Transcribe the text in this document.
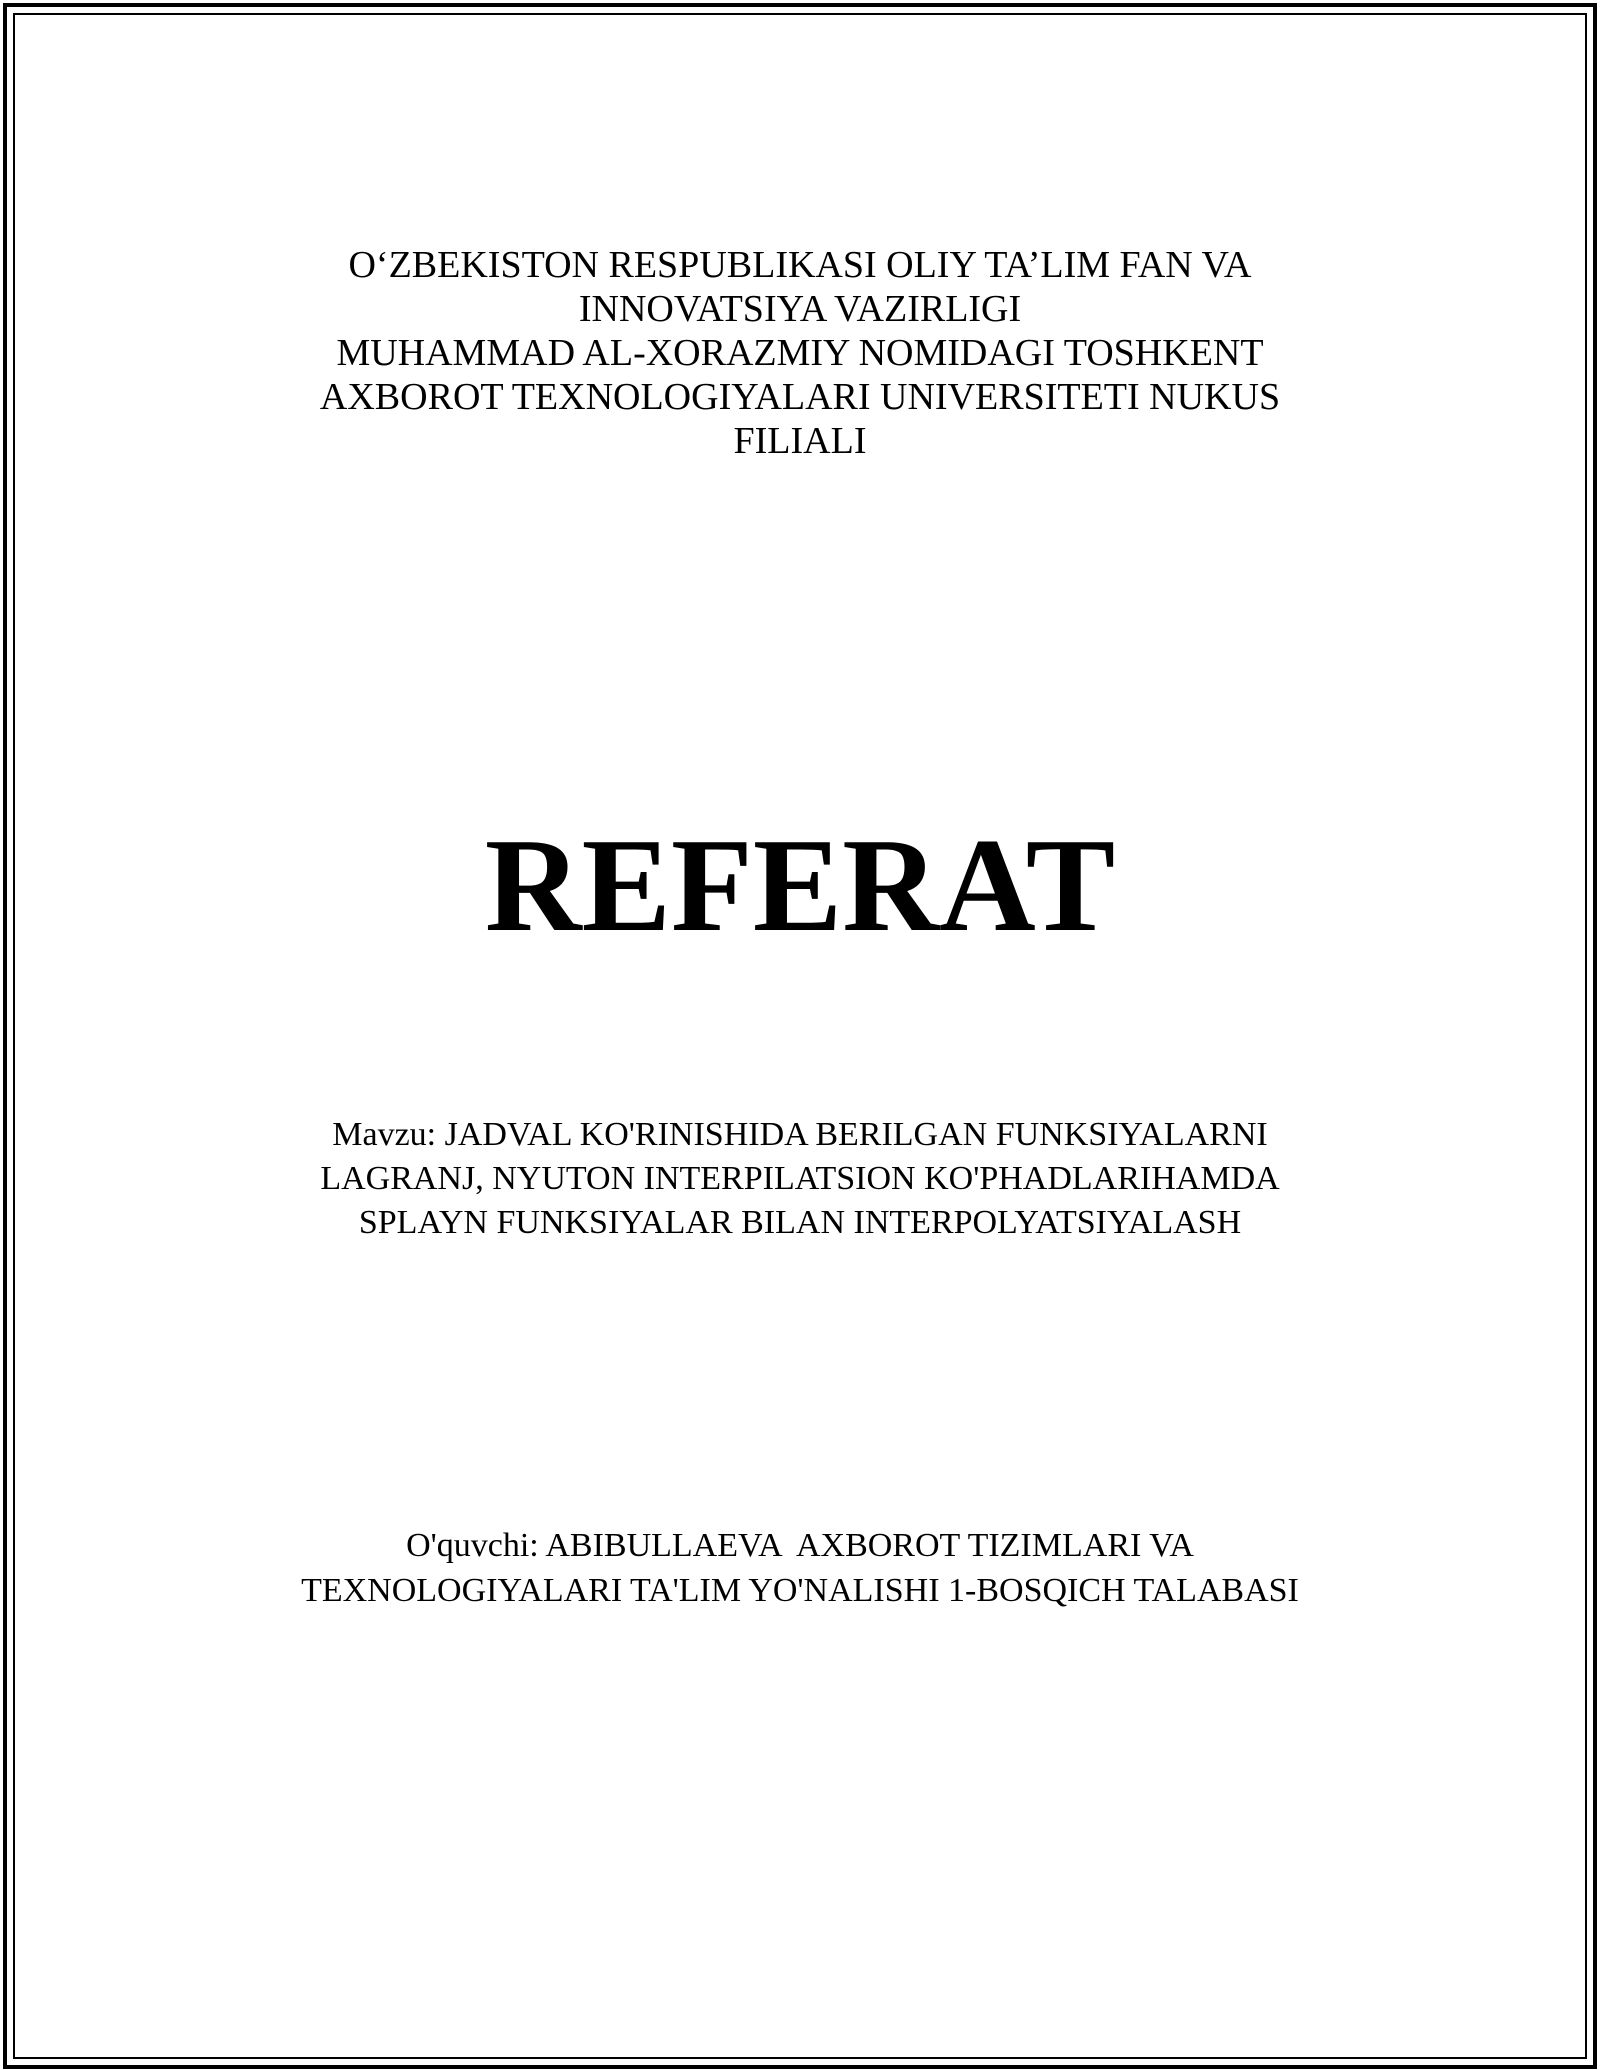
O‘ZBEKISTON RESPUBLIKASI OLIY TA’LIM FAN VA
INNOVATSIYA VAZIRLIGI
MUHAMMAD AL-XORAZMIY NOMIDAGI TOSHKENT
AXBOROT TEXNOLOGIYALARI UNIVERSITETI NUKUS
FILIALI
REFERAT
Mavzu: JADVAL KO'RINISHIDA BERILGAN FUNKSIYALARNI
LAGRANJ, NYUTON INTERPILATSION KO'PHADLARIHAMDA
SPLAYN FUNKSIYALAR BILAN INTERPOLYATSIYALASH
O'quvchi: ABIBULLAEVA  AXBOROT TIZIMLARI VA
TEXNOLOGIYALARI TA'LIM YO'NALISHI 1-BOSQICH TALABASI
